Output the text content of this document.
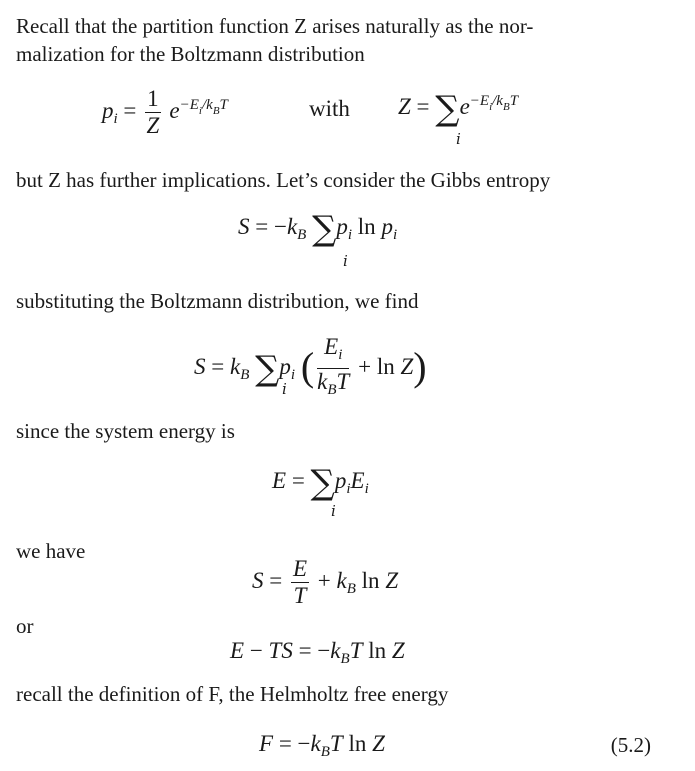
Recall that the partition function Z arises naturally as the nor-
malization for the Boltzmann distribution
$p_i = \frac{1}{Z} e^{-E_i/k_BT}$	with $Z = \sum e^{-E_i/k_BT}$
i
but Z has further implications. Let’s consider the Gibbs entropy
$S = -k_B$ $\sum p_i$ $\ln p_i$
i
substituting the Boltzmann distribution, we find
$S = k_B$ $\sum p_i$ ( $\frac{E_i}{k_BT} + \ln Z$)
i
since the system energy is
$E = \sum p_iE_i$
i
we have
$S = \frac{E}{T} + k_B$ ln Z
or
E − TS = $-k_BT$ ln Z
recall the definition of F, the Helmholtz free energy
$F = -k_BT$ ln Z	(5.2)
